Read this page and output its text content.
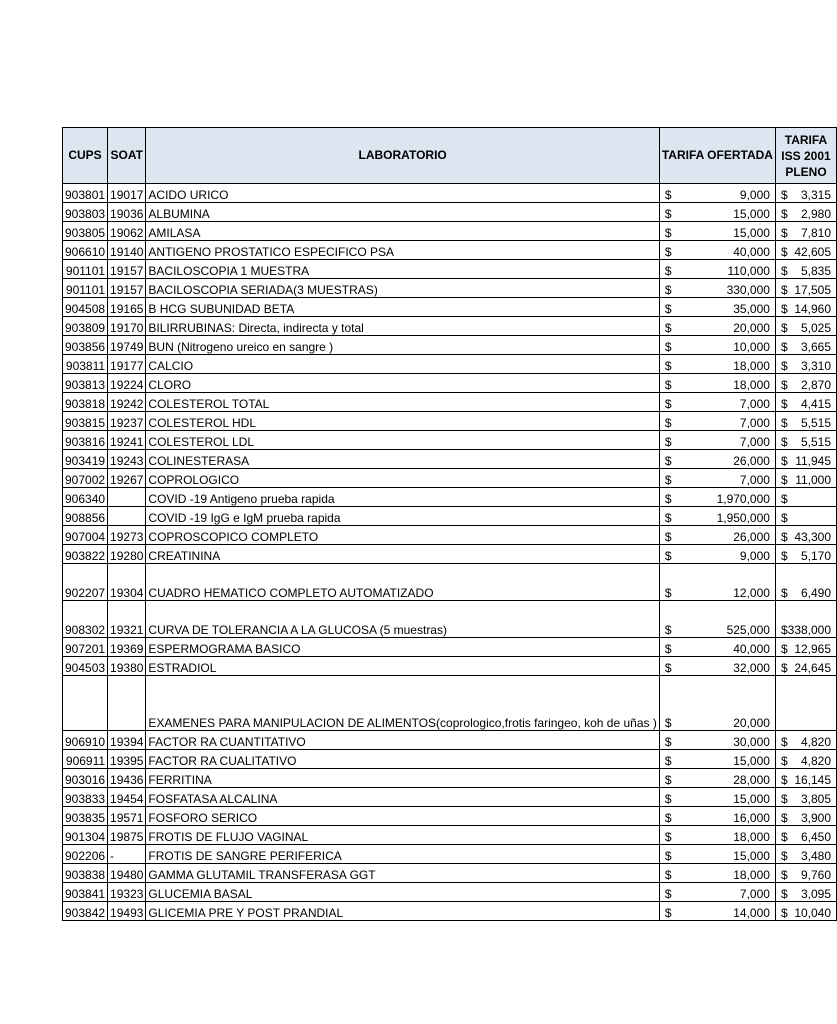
CUPS	SOAT	LABORATORIO	TARIFA OFERTADA	TARIFA ISS 2001 PLENO
903801	19017	ACIDO URICO	$ 9,000	$ 3,315

903803	19036	ALBUMINA	$ 15,000	$ 2,980

903805	19062	AMILASA	$ 15,000	$ 7,810

906610	19140	ANTIGENO PROSTATICO ESPECIFICO PSA	$ 40,000	$ 42,605

901101	19157	BACILOSCOPIA 1 MUESTRA	$ 110,000	$ 5,835

901101	19157	BACILOSCOPIA SERIADA(3 MUESTRAS)	$ 330,000	$ 17,505

904508	19165	B HCG SUBUNIDAD BETA	$ 35,000	$ 14,960

903809	19170	BILIRRUBINAS: Directa, indirecta y total	$ 20,000	$ 5,025

903856	19749	BUN (Nitrogeno ureico en sangre )	$ 10,000	$ 3,665

903811	19177	CALCIO	$ 18,000	$ 3,310

903813	19224	CLORO	$ 18,000	$ 2,870

903818	19242	COLESTEROL TOTAL	$ 7,000	$ 4,415

903815	19237	COLESTEROL HDL	$ 7,000	$ 5,515

903816	19241	COLESTEROL LDL	$ 7,000	$ 5,515

903419	19243	COLINESTERASA	$ 26,000	$ 11,945

907002	19267	COPROLOGICO	$ 7,000	$ 11,000

906340		COVID -19 Antigeno prueba rapida	$ 1,970,000	$

908856		COVID -19 IgG e IgM prueba rapida	$ 1,950,000	$

907004	19273	COPROSCOPICO COMPLETO	$ 26,000	$ 43,300

903822	19280	CREATININA	$ 9,000	$ 5,170

902207	19304	CUADRO HEMATICO COMPLETO AUTOMATIZADO	$ 12,000	$ 6,490

908302	19321	CURVA DE TOLERANCIA A LA GLUCOSA (5 muestras)	$ 525,000	$ 338,000

907201	19369	ESPERMOGRAMA BASICO	$ 40,000	$ 12,965

904503	19380	ESTRADIOL	$ 32,000	$ 24,645

		EXAMENES PARA MANIPULACION DE ALIMENTOS(coprologico,frotis faringeo, koh de uñas )	$ 20,000	

906910	19394	FACTOR RA CUANTITATIVO	$ 30,000	$ 4,820

906911	19395	FACTOR RA CUALITATIVO	$ 15,000	$ 4,820

903016	19436	FERRITINA	$ 28,000	$ 16,145

903833	19454	FOSFATASA ALCALINA	$ 15,000	$ 3,805

903835	19571	FOSFORO SERICO	$ 16,000	$ 3,900

901304	19875	FROTIS DE FLUJO VAGINAL	$ 18,000	$ 6,450

902206	-	FROTIS DE SANGRE PERIFERICA	$ 15,000	$ 3,480

903838	19480	GAMMA GLUTAMIL TRANSFERASA GGT	$ 18,000	$ 9,760

903841	19323	GLUCEMIA BASAL	$ 7,000	$ 3,095

903842	19493	GLICEMIA PRE Y POST PRANDIAL	$ 14,000	$ 10,040
